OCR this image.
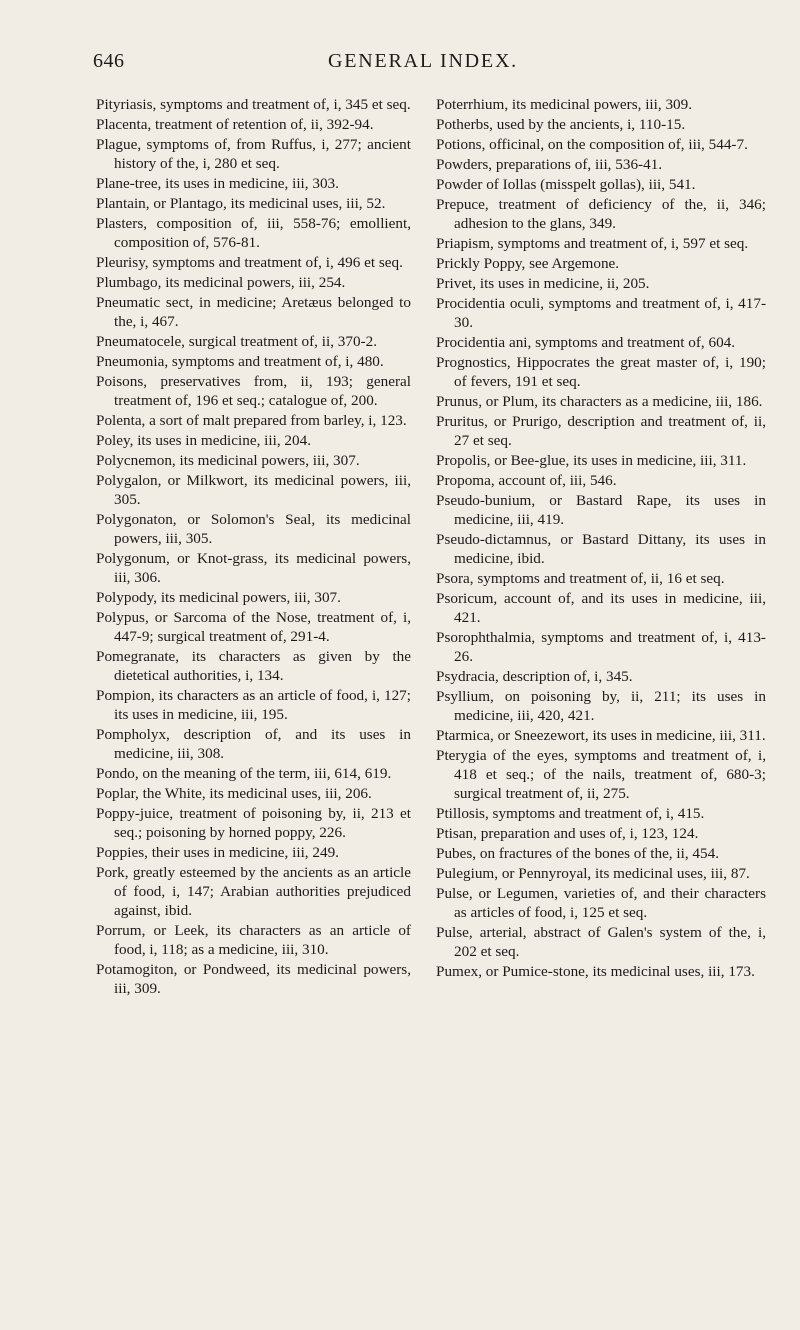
646	GENERAL INDEX.

Pityriasis, symptoms and treatment of, i, 345 et seq.

Placenta, treatment of retention of, ii, 392-94.

Plague, symptoms of, from Ruffus, i, 277; ancient history of the, i, 280 et seq.

Plane-tree, its uses in medicine, iii, 303.

Plantain, or Plantago, its medicinal uses, iii, 52.

Plasters, composition of, iii, 558-76; emollient, composition of, 576-81.

Pleurisy, symptoms and treatment of, i, 496 et seq.

Plumbago, its medicinal powers, iii, 254.

Pneumatic sect, in medicine; Aretæus belonged to the, i, 467.

Pneumatocele, surgical treatment of, ii, 370-2.

Pneumonia, symptoms and treatment of, i, 480.

Poisons, preservatives from, ii, 193; general treatment of, 196 et seq.; catalogue of, 200.

Polenta, a sort of malt prepared from barley, i, 123.

Poley, its uses in medicine, iii, 204.

Polycnemon, its medicinal powers, iii, 307.

Polygalon, or Milkwort, its medicinal powers, iii, 305.

Polygonaton, or Solomon's Seal, its medicinal powers, iii, 305.

Polygonum, or Knot-grass, its medicinal powers, iii, 306.

Polypody, its medicinal powers, iii, 307.

Polypus, or Sarcoma of the Nose, treatment of, i, 447-9; surgical treatment of, 291-4.

Pomegranate, its characters as given by the dietetical authorities, i, 134.

Pompion, its characters as an article of food, i, 127; its uses in medicine, iii, 195.

Pompholyx, description of, and its uses in medicine, iii, 308.

Pondo, on the meaning of the term, iii, 614, 619.

Poplar, the White, its medicinal uses, iii, 206.

Poppy-juice, treatment of poisoning by, ii, 213 et seq.; poisoning by horned poppy, 226.

Poppies, their uses in medicine, iii, 249.

Pork, greatly esteemed by the ancients as an article of food, i, 147; Arabian authorities prejudiced against, ibid.

Porrum, or Leek, its characters as an article of food, i, 118; as a medicine, iii, 310.

Potamogiton, or Pondweed, its medicinal powers, iii, 309.

Poterrhium, its medicinal powers, iii, 309.

Potherbs, used by the ancients, i, 110-15.

Potions, officinal, on the composition of, iii, 544-7.

Powders, preparations of, iii, 536-41.

Powder of Iollas (misspelt gollas), iii, 541.

Prepuce, treatment of deficiency of the, ii, 346; adhesion to the glans, 349.

Priapism, symptoms and treatment of, i, 597 et seq.

Prickly Poppy, see Argemone.

Privet, its uses in medicine, ii, 205.

Procidentia oculi, symptoms and treatment of, i, 417-30.

Procidentia ani, symptoms and treatment of, 604.

Prognostics, Hippocrates the great master of, i, 190; of fevers, 191 et seq.

Prunus, or Plum, its characters as a medicine, iii, 186.

Pruritus, or Prurigo, description and treatment of, ii, 27 et seq.

Propolis, or Bee-glue, its uses in medicine, iii, 311.

Propoma, account of, iii, 546.

Pseudo-bunium, or Bastard Rape, its uses in medicine, iii, 419.

Pseudo-dictamnus, or Bastard Dittany, its uses in medicine, ibid.

Psora, symptoms and treatment of, ii, 16 et seq.

Psoricum, account of, and its uses in medicine, iii, 421.

Psorophthalmia, symptoms and treatment of, i, 413-26.

Psydracia, description of, i, 345.

Psyllium, on poisoning by, ii, 211; its uses in medicine, iii, 420, 421.

Ptarmica, or Sneezewort, its uses in medicine, iii, 311.

Pterygia of the eyes, symptoms and treatment of, i, 418 et seq.; of the nails, treatment of, 680-3; surgical treatment of, ii, 275.

Ptillosis, symptoms and treatment of, i, 415.

Ptisan, preparation and uses of, i, 123, 124.

Pubes, on fractures of the bones of the, ii, 454.

Pulegium, or Pennyroyal, its medicinal uses, iii, 87.

Pulse, or Legumen, varieties of, and their characters as articles of food, i, 125 et seq.

Pulse, arterial, abstract of Galen's system of the, i, 202 et seq.

Pumex, or Pumice-stone, its medicinal uses, iii, 173.
